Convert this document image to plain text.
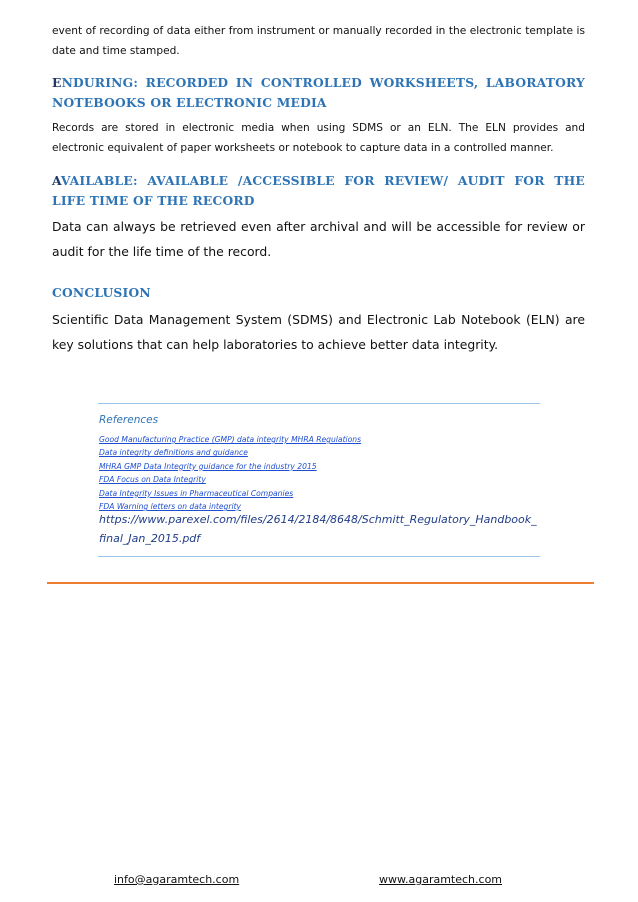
event of recording of data either from instrument or manually recorded in the electronic template is date and time stamped.

ENDURING: RECORDED IN CONTROLLED WORKSHEETS, LABORATORY NOTEBOOKS OR ELECTRONIC MEDIA

Records are stored in electronic media when using SDMS or an ELN. The ELN provides and electronic equivalent of paper worksheets or notebook to capture data in a controlled manner.

AVAILABLE: AVAILABLE /ACCESSIBLE FOR REVIEW/ AUDIT FOR THE LIFE TIME OF THE RECORD

Data can always be retrieved even after archival and will be accessible for review or audit for the life time of the record.

CONCLUSION

Scientific Data Management System (SDMS) and Electronic Lab Notebook (ELN) are key solutions that can help laboratories to achieve better data integrity.

References

Good Manufacturing Practice (GMP) data integrity MHRA Regulations
Data integrity definitions and guidance
MHRA GMP Data Integrity guidance for the industry 2015
FDA Focus on Data Integrity
Data Integrity Issues in Pharmaceutical Companies
FDA Warning letters on data integrity

https://www.parexel.com/files/2614/2184/8648/Schmitt_Regulatory_Handbook_final_Jan_2015.pdf

info@agaramtech.com	www.agaramtech.com
